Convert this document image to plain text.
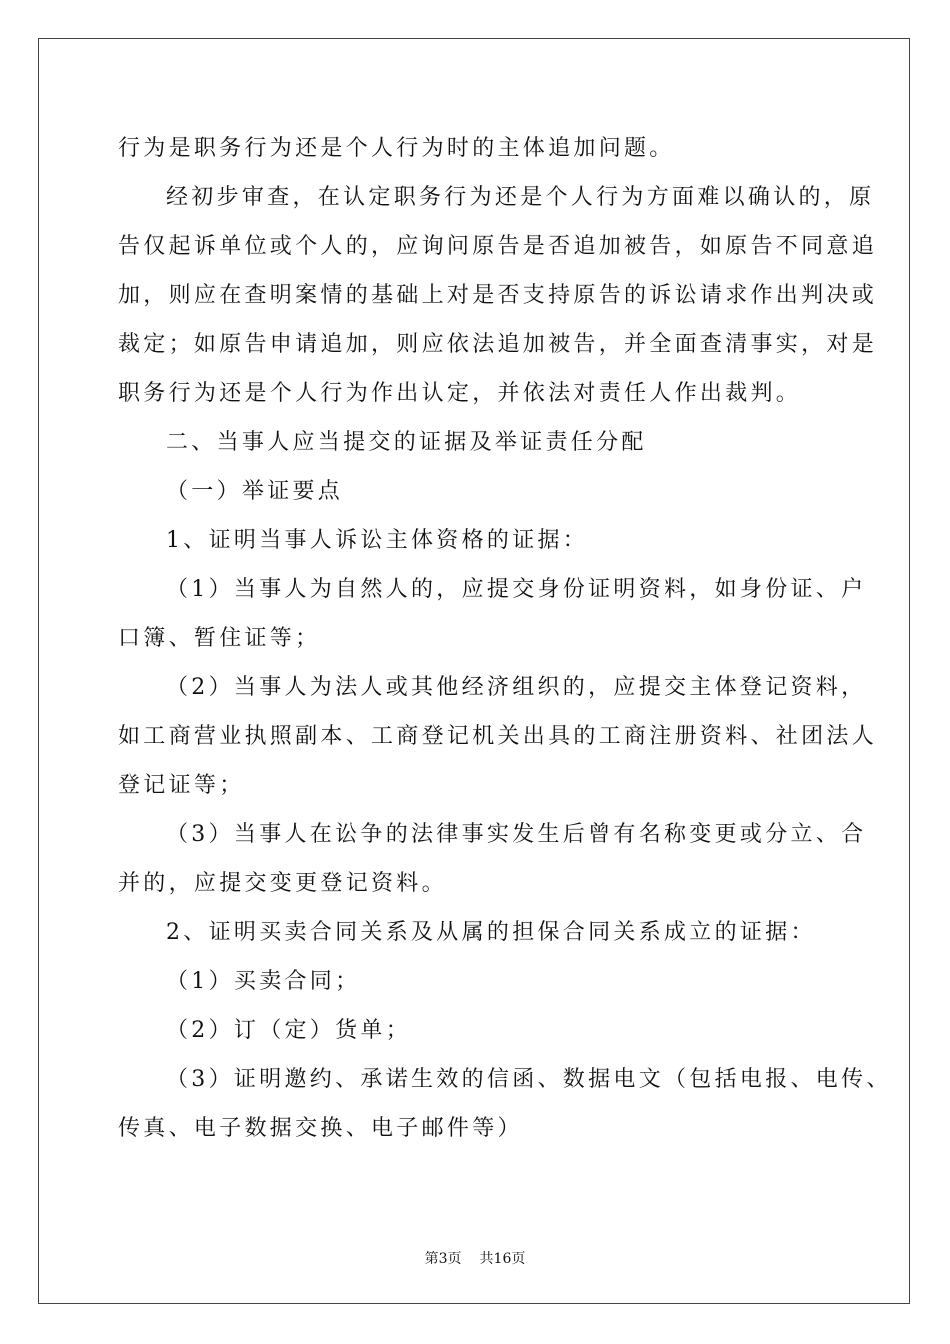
行为是职务行为还是个人行为时的主体追加问题。
经初步审查，在认定职务行为还是个人行为方面难以确认的，原
告仅起诉单位或个人的，应询问原告是否追加被告，如原告不同意追
加，则应在查明案情的基础上对是否支持原告的诉讼请求作出判决或
裁定；如原告申请追加，则应依法追加被告，并全面查清事实，对是
职务行为还是个人行为作出认定，并依法对责任人作出裁判。
二、当事人应当提交的证据及举证责任分配
（一）举证要点
1、证明当事人诉讼主体资格的证据：
（1）当事人为自然人的，应提交身份证明资料，如身份证、户
口簿、暂住证等；
（2）当事人为法人或其他经济组织的，应提交主体登记资料，
如工商营业执照副本、工商登记机关出具的工商注册资料、社团法人
登记证等；
（3）当事人在讼争的法律事实发生后曾有名称变更或分立、合
并的，应提交变更登记资料。
2、证明买卖合同关系及从属的担保合同关系成立的证据：
（1）买卖合同；
（2）订（定）货单；
（3）证明邀约、承诺生效的信函、数据电文（包括电报、电传、
传真、电子数据交换、电子邮件等）
第3页 共16页
